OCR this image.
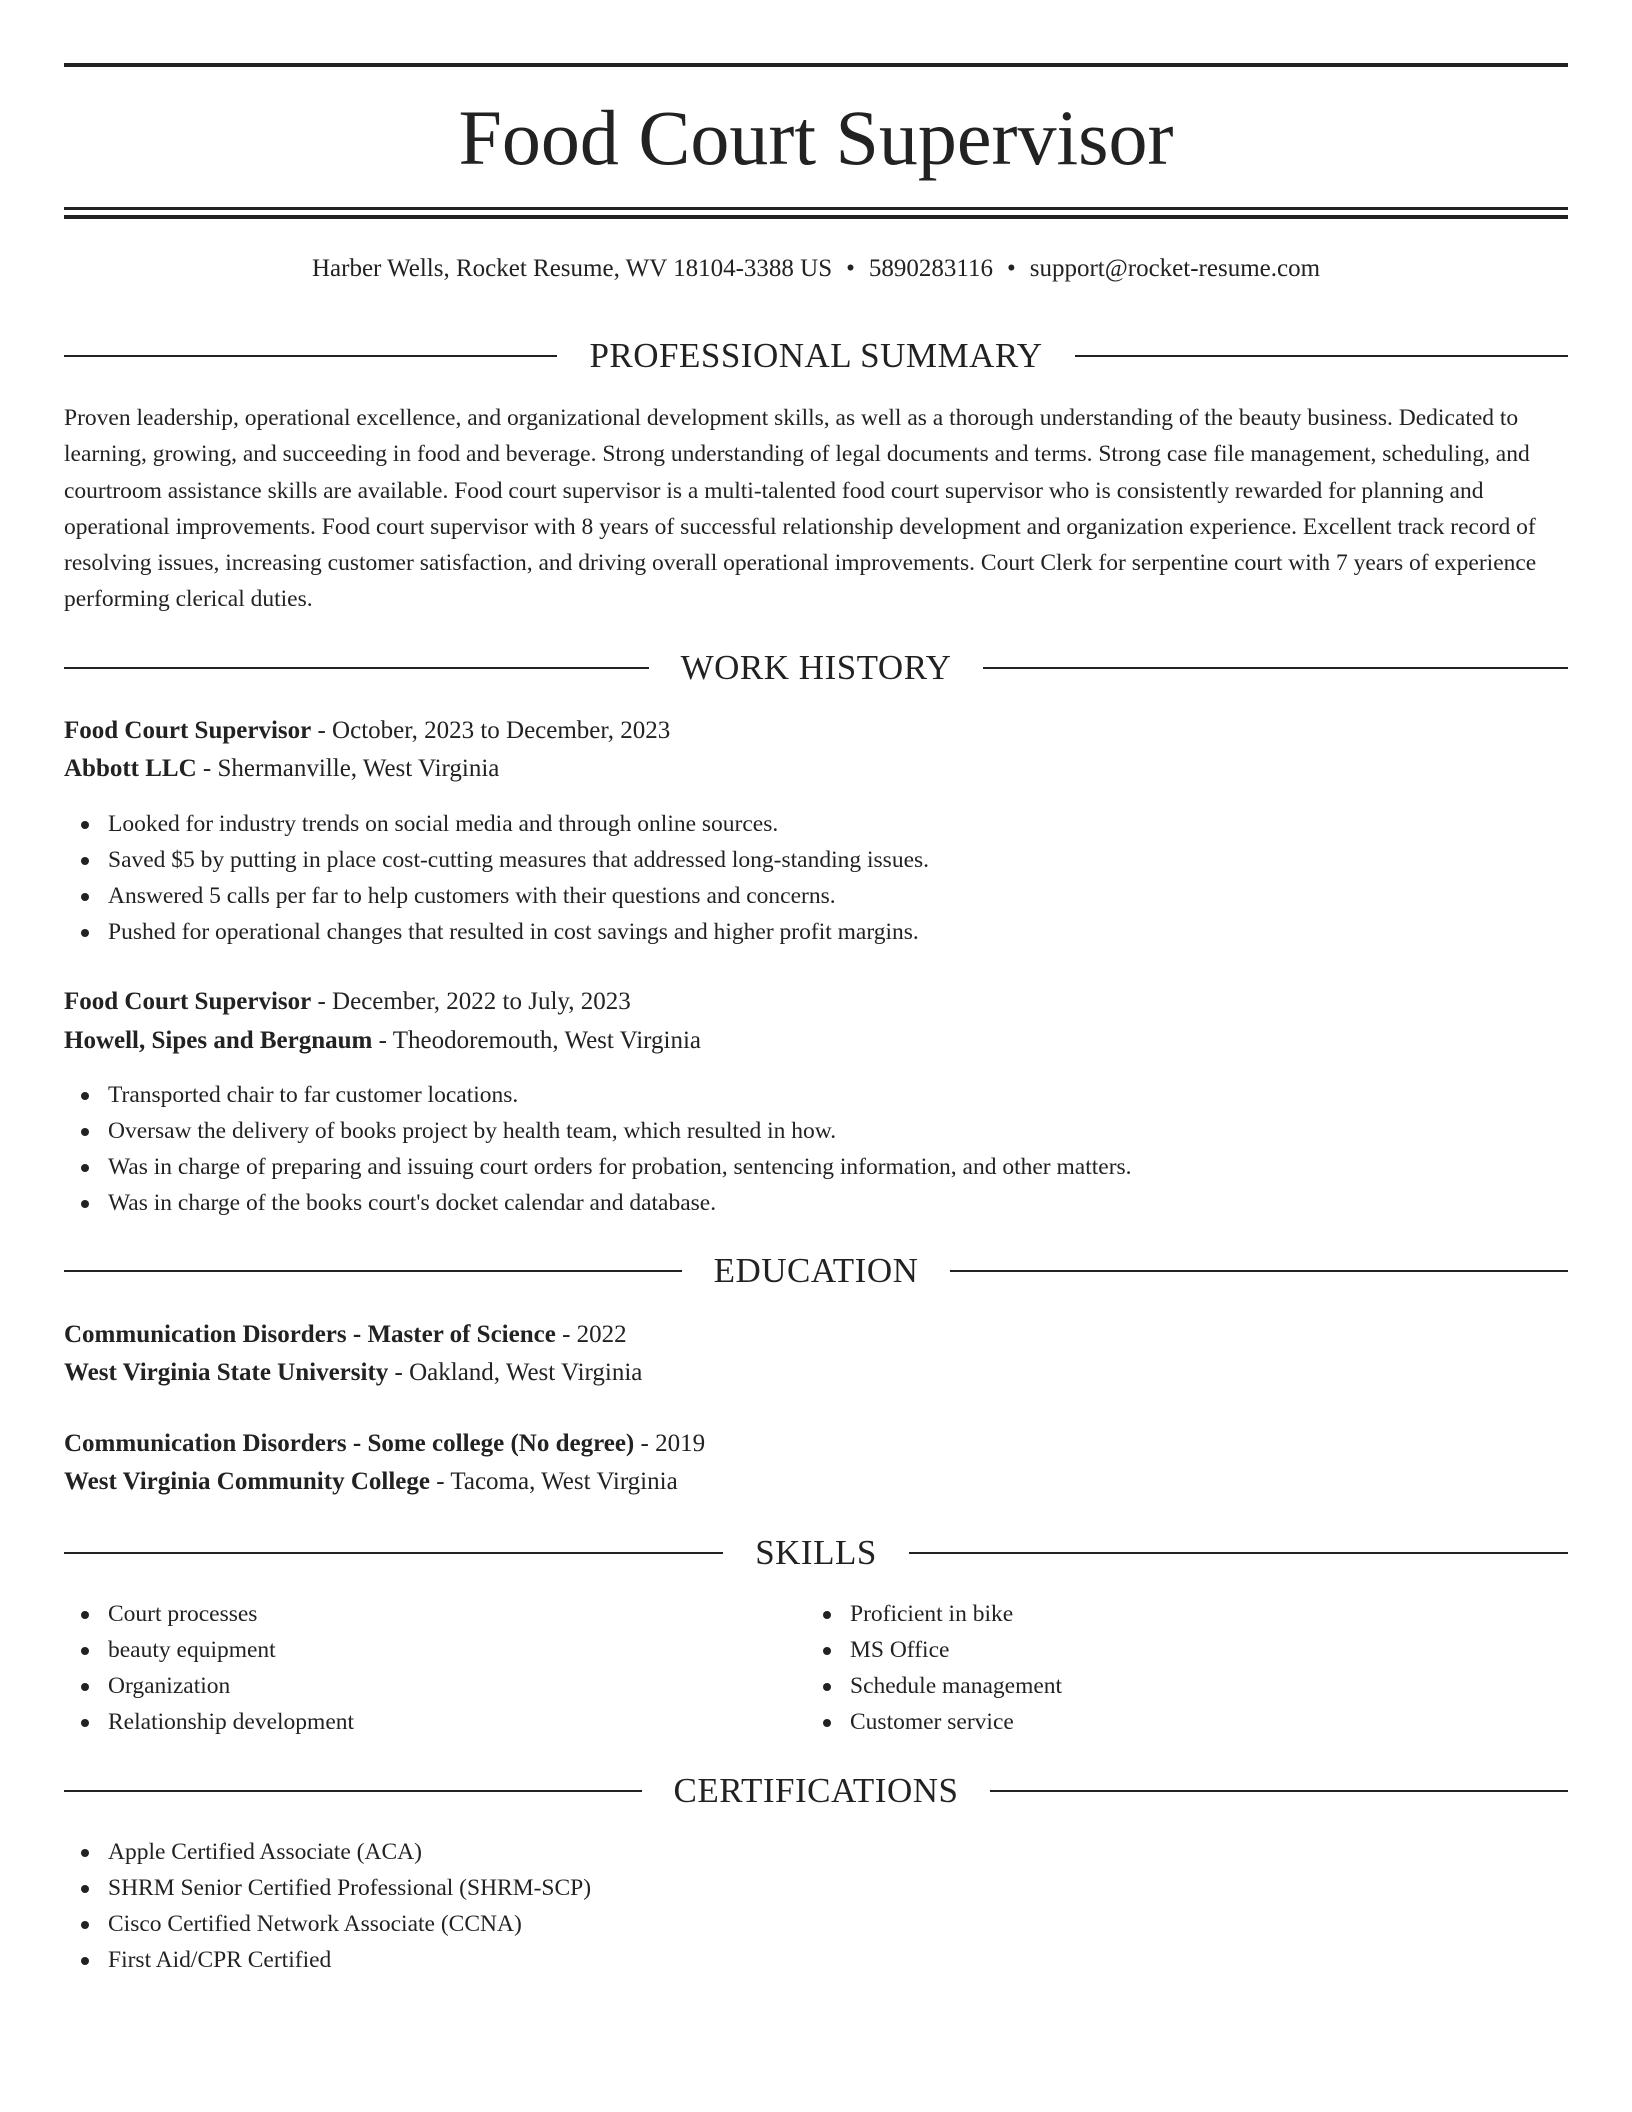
Food Court Supervisor
Harber Wells, Rocket Resume, WV 18104-3388 US • 5890283116 • support@rocket-resume.com
PROFESSIONAL SUMMARY
Proven leadership, operational excellence, and organizational development skills, as well as a thorough understanding of the beauty business. Dedicated to learning, growing, and succeeding in food and beverage. Strong understanding of legal documents and terms. Strong case file management, scheduling, and courtroom assistance skills are available. Food court supervisor is a multi-talented food court supervisor who is consistently rewarded for planning and operational improvements. Food court supervisor with 8 years of successful relationship development and organization experience. Excellent track record of resolving issues, increasing customer satisfaction, and driving overall operational improvements. Court Clerk for serpentine court with 7 years of experience performing clerical duties.
WORK HISTORY
Food Court Supervisor - October, 2023 to December, 2023
Abbott LLC - Shermanville, West Virginia
Looked for industry trends on social media and through online sources.
Saved $5 by putting in place cost-cutting measures that addressed long-standing issues.
Answered 5 calls per far to help customers with their questions and concerns.
Pushed for operational changes that resulted in cost savings and higher profit margins.
Food Court Supervisor - December, 2022 to July, 2023
Howell, Sipes and Bergnaum - Theodoremouth, West Virginia
Transported chair to far customer locations.
Oversaw the delivery of books project by health team, which resulted in how.
Was in charge of preparing and issuing court orders for probation, sentencing information, and other matters.
Was in charge of the books court's docket calendar and database.
EDUCATION
Communication Disorders - Master of Science - 2022
West Virginia State University - Oakland, West Virginia
Communication Disorders - Some college (No degree) - 2019
West Virginia Community College - Tacoma, West Virginia
SKILLS
Court processes
beauty equipment
Organization
Relationship development
Proficient in bike
MS Office
Schedule management
Customer service
CERTIFICATIONS
Apple Certified Associate (ACA)
SHRM Senior Certified Professional (SHRM-SCP)
Cisco Certified Network Associate (CCNA)
First Aid/CPR Certified
